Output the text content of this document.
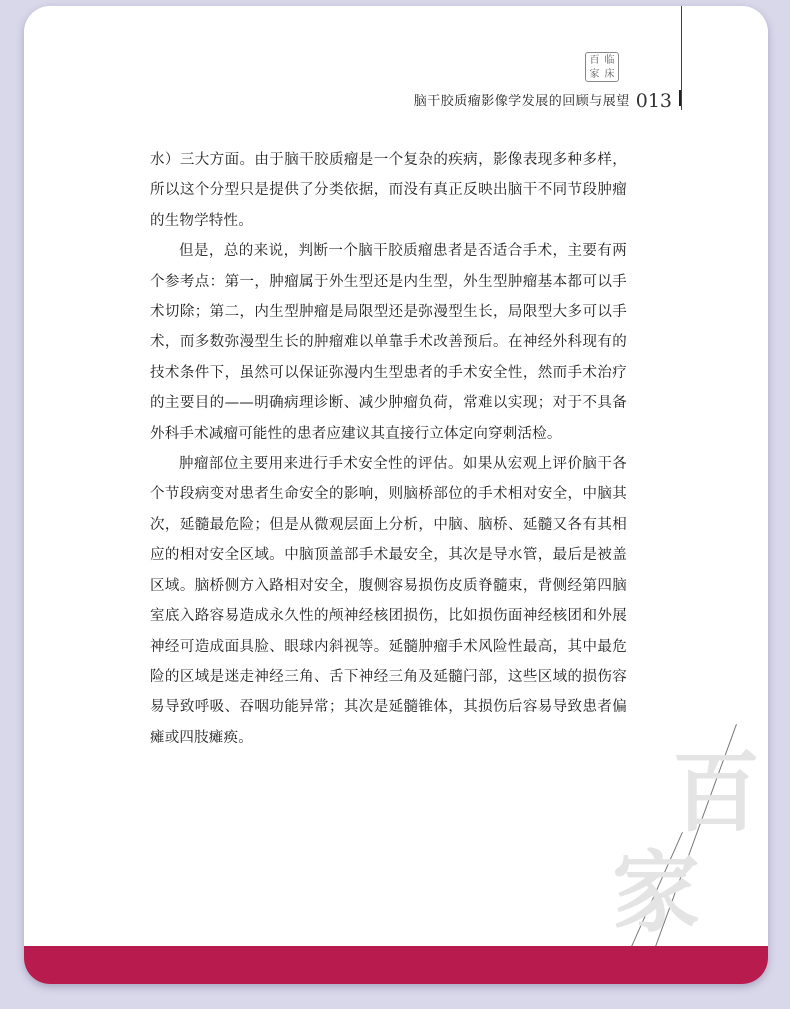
百 临
家 床
脑干胶质瘤影像学发展的回顾与展望 013

水）三大方面。由于脑干胶质瘤是一个复杂的疾病，影像表现多种多样，所以这个分型只是提供了分类依据，而没有真正反映出脑干不同节段肿瘤的生物学特性。

但是，总的来说，判断一个脑干胶质瘤患者是否适合手术，主要有两个参考点：第一，肿瘤属于外生型还是内生型，外生型肿瘤基本都可以手术切除；第二，内生型肿瘤是局限型还是弥漫型生长，局限型大多可以手术，而多数弥漫型生长的肿瘤难以单靠手术改善预后。在神经外科现有的技术条件下，虽然可以保证弥漫内生型患者的手术安全性，然而手术治疗的主要目的——明确病理诊断、减少肿瘤负荷，常难以实现；对于不具备外科手术减瘤可能性的患者应建议其直接行立体定向穿刺活检。

肿瘤部位主要用来进行手术安全性的评估。如果从宏观上评价脑干各个节段病变对患者生命安全的影响，则脑桥部位的手术相对安全，中脑其次，延髓最危险；但是从微观层面上分析，中脑、脑桥、延髓又各有其相应的相对安全区域。中脑顶盖部手术最安全，其次是导水管，最后是被盖区域。脑桥侧方入路相对安全，腹侧容易损伤皮质脊髓束，背侧经第四脑室底入路容易造成永久性的颅神经核团损伤，比如损伤面神经核团和外展神经可造成面具脸、眼球内斜视等。延髓肿瘤手术风险性最高，其中最危险的区域是迷走神经三角、舌下神经三角及延髓闩部，这些区域的损伤容易导致呼吸、吞咽功能异常；其次是延髓锥体，其损伤后容易导致患者偏瘫或四肢瘫痪。

百
家
